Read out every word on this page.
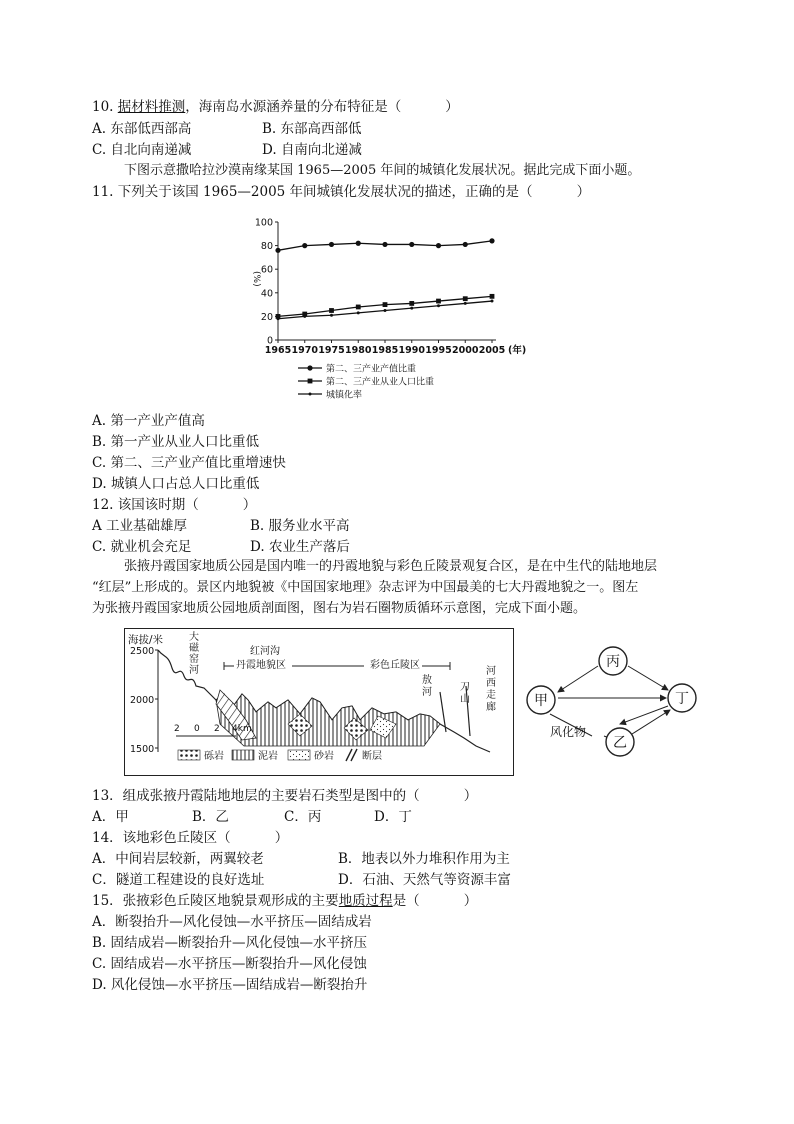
10. 据材料推测，海南岛水源涵养量的分布特征是（	）
A. 东部低西部高	B. 东部高西部低
C. 自北向南递减	D. 自南向北递减
下图示意撒哈拉沙漠南缘某国 1965—2005 年间的城镇化发展状况。据此完成下面小题。
11. 下列关于该国 1965—2005 年间城镇化发展状况的描述，正确的是（	）
0
20
40
60
80
100
(%)
1965 1970 1975 1980 1985 1990 1995 2000 2005 (年)
第二、三产业产值比重
第二、三产业从业人口比重
城镇化率
A. 第一产业产值高
B. 第一产业从业人口比重低
C. 第二、三产业产值比重增速快
D. 城镇人口占总人口比重低
12. 该国该时期（	）
A 工业基础雄厚	B. 服务业水平高
C. 就业机会充足	D. 农业生产落后
张掖丹霞国家地质公园是国内唯一的丹霞地貌与彩色丘陵景观复合区，是在中生代的陆地地层
“红层”上形成的。景区内地貌被《中国国家地理》杂志评为中国最美的七大丹霞地貌之一。图左
为张掖丹霞国家地质公园地质剖面图，图右为岩石圈物质循环示意图，完成下面小题。
海拔/米
2500
2000
1500
大
磁
窑
河
红河沟
丹霞地貌区	彩色丘陵区
敖
河	刀
山
河
西
走
廊
2 0 2 4km
砾岩	泥岩	砂岩	断层
丙
甲	丁
乙
风化物
13．组成张掖丹霞陆地地层的主要岩石类型是图中的（	）
A．甲	B．乙	C．丙	D．丁
14．该地彩色丘陵区（	）
A．中间岩层较新，两翼较老	B．地表以外力堆积作用为主
C．隧道工程建设的良好选址	D．石油、天然气等资源丰富
15．张掖彩色丘陵区地貌景观形成的主要地质过程是（	）
A．断裂抬升—风化侵蚀—水平挤压—固结成岩
B. 固结成岩—断裂抬升—风化侵蚀—水平挤压
C. 固结成岩—水平挤压—断裂抬升—风化侵蚀
D. 风化侵蚀—水平挤压—固结成岩—断裂抬升
